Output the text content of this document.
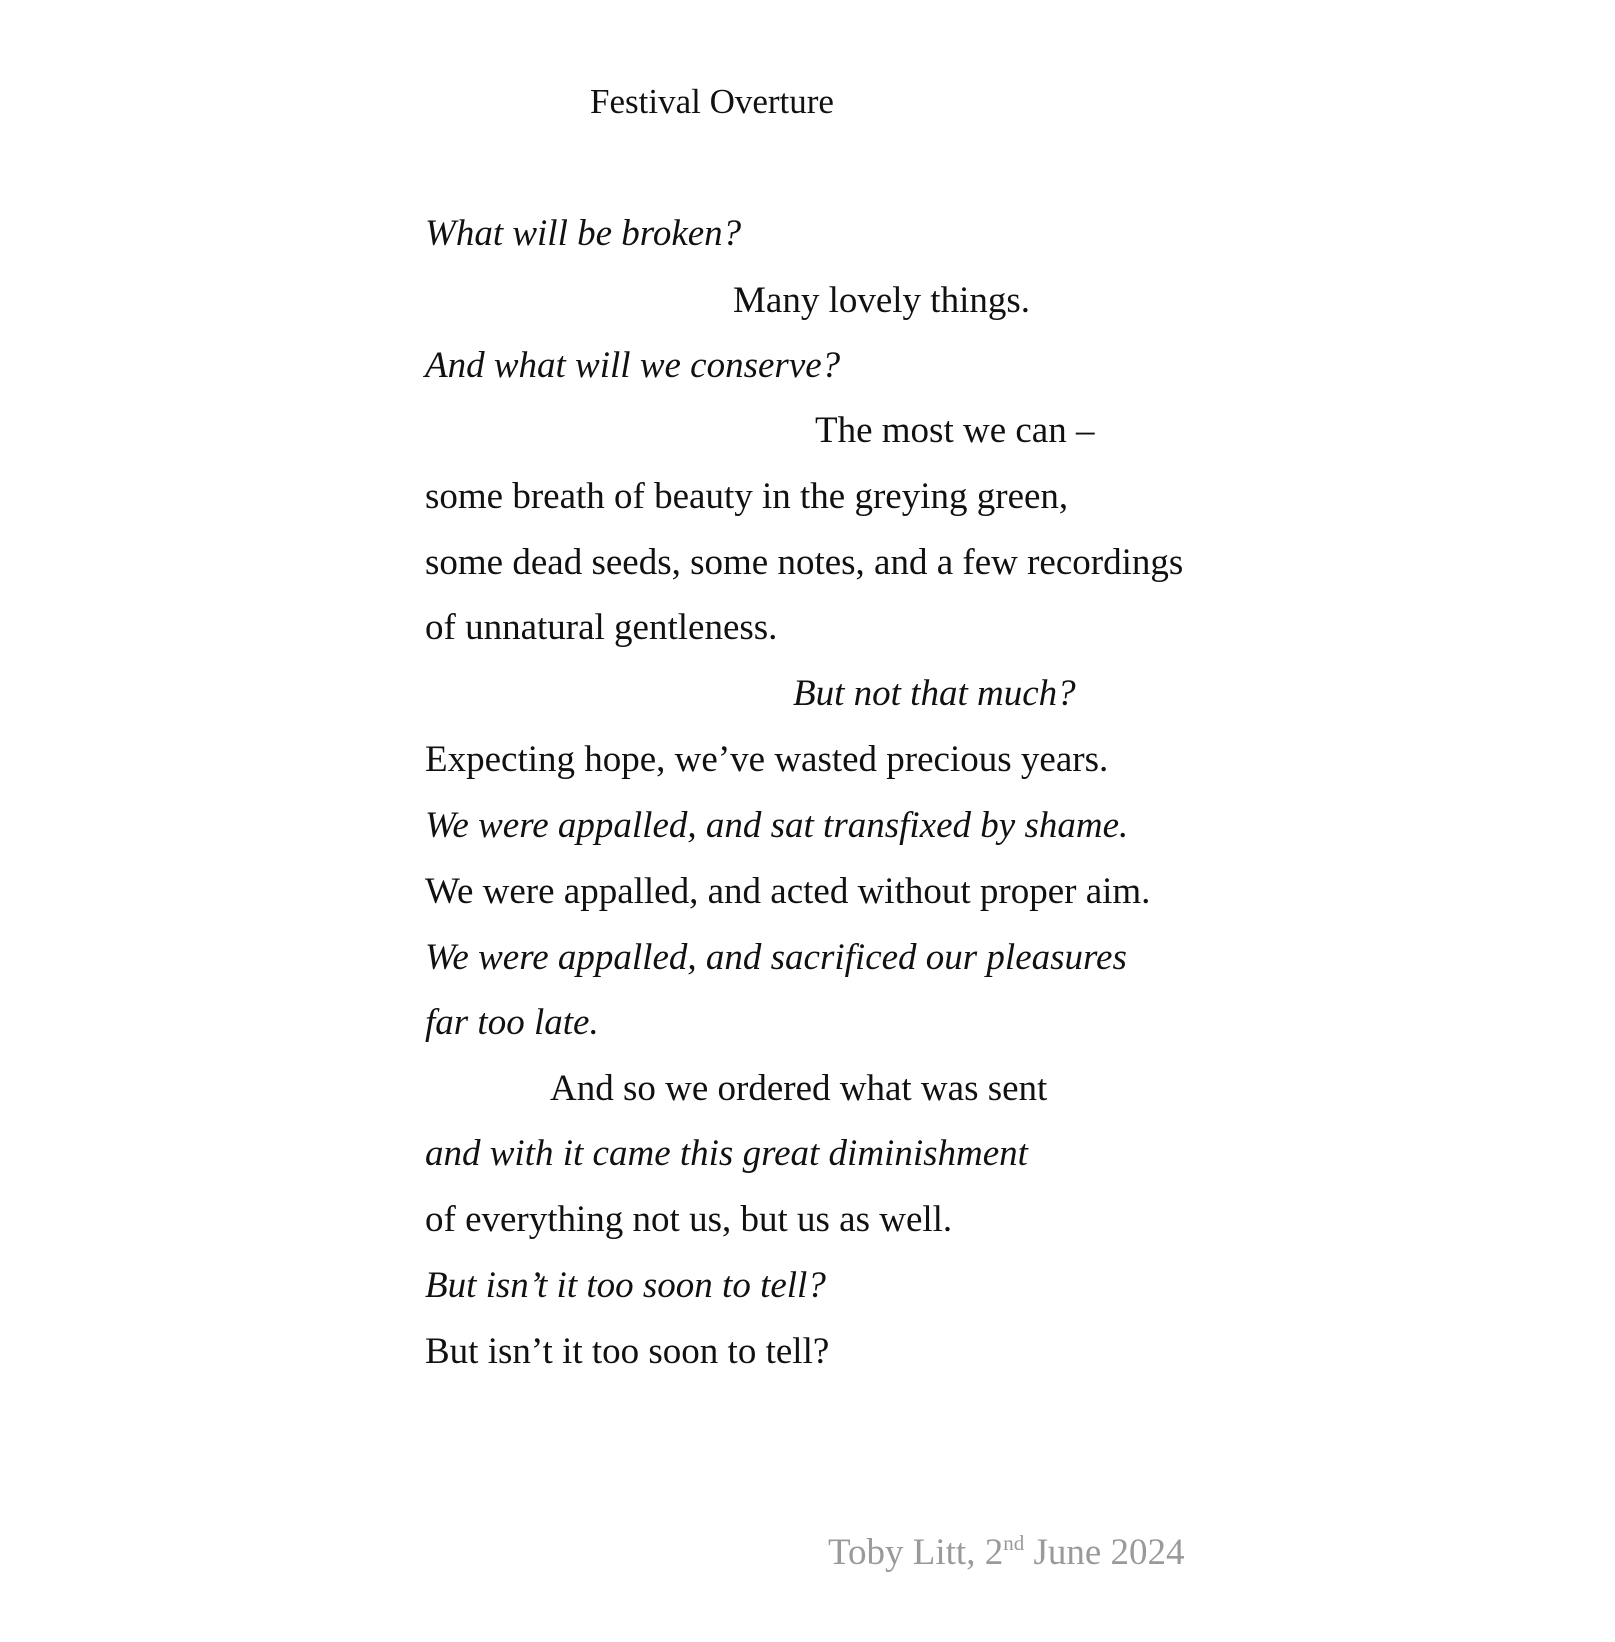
Festival Overture
What will be broken?
Many lovely things.
And what will we conserve?
The most we can –
some breath of beauty in the greying green,
some dead seeds, some notes, and a few recordings
of unnatural gentleness.
But not that much?
Expecting hope, we’ve wasted precious years.
We were appalled, and sat transfixed by shame.
We were appalled, and acted without proper aim.
We were appalled, and sacrificed our pleasures
far too late.
And so we ordered what was sent
and with it came this great diminishment
of everything not us, but us as well.
But isn’t it too soon to tell?
But isn’t it too soon to tell?
Toby Litt, 2nd June 2024
